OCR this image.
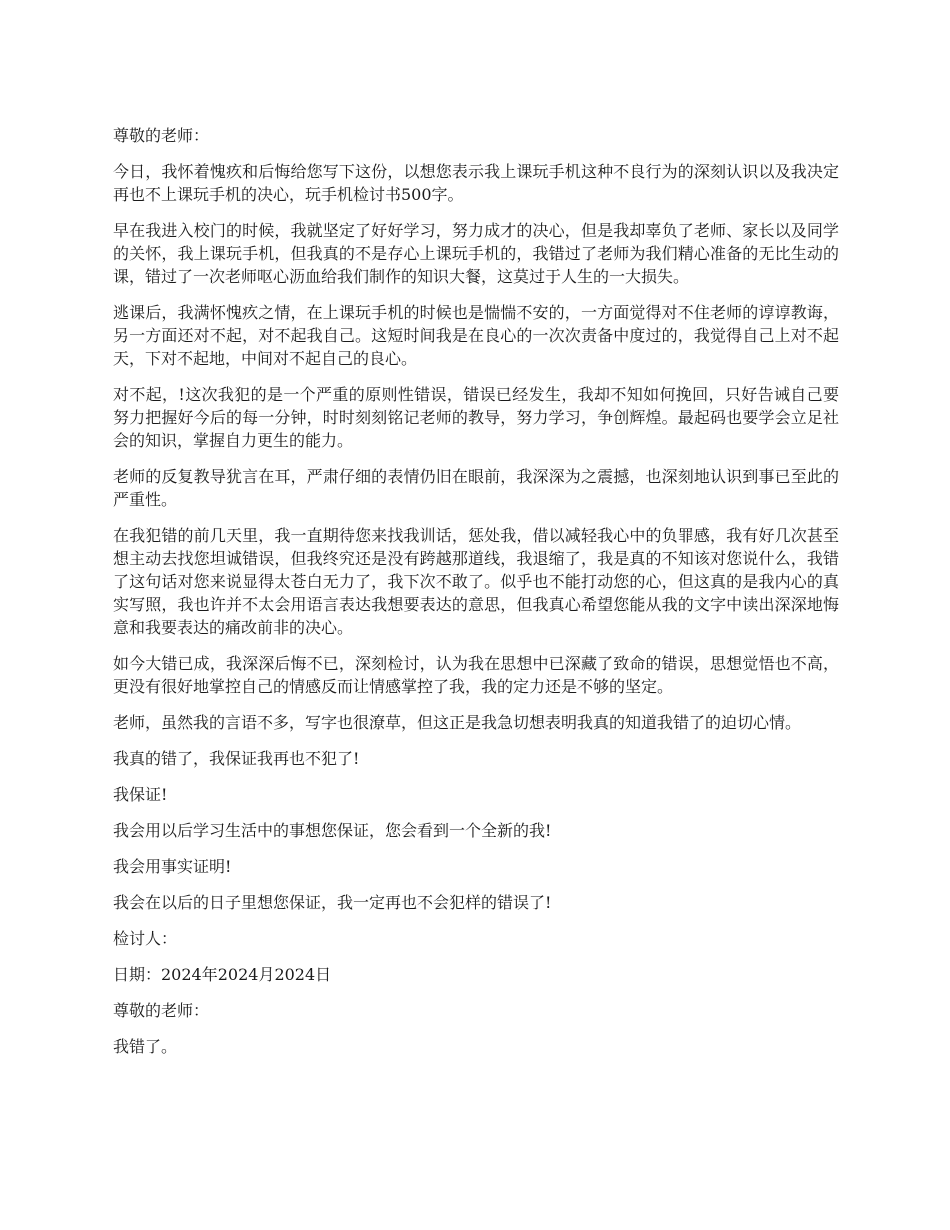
尊敬的老师：

今日，我怀着愧疚和后悔给您写下这份，以想您表示我上课玩手机这种不良行为的深刻认识以及我决定再也不上课玩手机的决心，玩手机检讨书500字。

早在我进入校门的时候，我就坚定了好好学习，努力成才的决心，但是我却辜负了老师、家长以及同学的关怀，我上课玩手机，但我真的不是存心上课玩手机的，我错过了老师为我们精心准备的无比生动的课，错过了一次老师呕心沥血给我们制作的知识大餐，这莫过于人生的一大损失。

逃课后，我满怀愧疚之情，在上课玩手机的时候也是惴惴不安的，一方面觉得对不住老师的谆谆教诲，另一方面还对不起，对不起我自己。这短时间我是在良心的一次次责备中度过的，我觉得自己上对不起天，下对不起地，中间对不起自己的良心。

对不起，!这次我犯的是一个严重的原则性错误，错误已经发生，我却不知如何挽回，只好告诫自己要努力把握好今后的每一分钟，时时刻刻铭记老师的教导，努力学习，争创辉煌。最起码也要学会立足社会的知识，掌握自力更生的能力。

老师的反复教导犹言在耳，严肃仔细的表情仍旧在眼前，我深深为之震撼，也深刻地认识到事已至此的严重性。

在我犯错的前几天里，我一直期待您来找我训话，惩处我，借以减轻我心中的负罪感，我有好几次甚至想主动去找您坦诚错误，但我终究还是没有跨越那道线，我退缩了，我是真的不知该对您说什么，我错了这句话对您来说显得太苍白无力了，我下次不敢了。似乎也不能打动您的心，但这真的是我内心的真实写照，我也许并不太会用语言表达我想要表达的意思，但我真心希望您能从我的文字中读出深深地悔意和我要表达的痛改前非的决心。

如今大错已成，我深深后悔不已，深刻检讨，认为我在思想中已深藏了致命的错误，思想觉悟也不高，更没有很好地掌控自己的情感反而让情感掌控了我，我的定力还是不够的坚定。

老师，虽然我的言语不多，写字也很潦草，但这正是我急切想表明我真的知道我错了的迫切心情。

我真的错了，我保证我再也不犯了!

我保证!

我会用以后学习生活中的事想您保证，您会看到一个全新的我!

我会用事实证明!

我会在以后的日子里想您保证，我一定再也不会犯样的错误了!

检讨人：

日期：2024年2024月2024日

尊敬的老师：

我错了。
